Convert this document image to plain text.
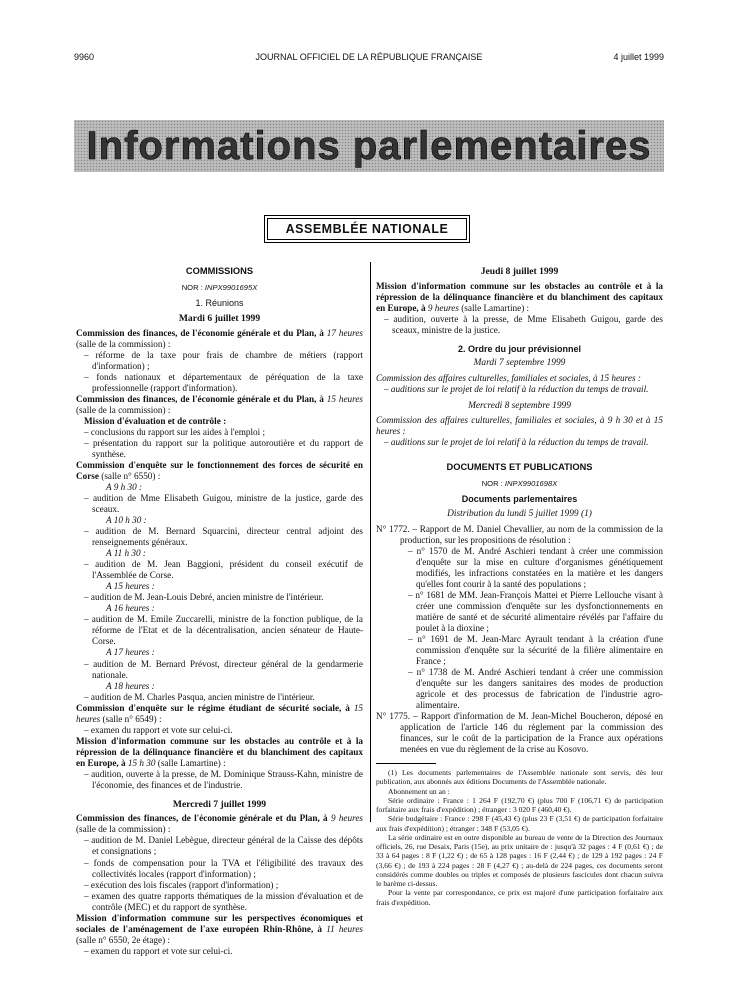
9960	JOURNAL OFFICIEL DE LA RÉPUBLIQUE FRANÇAISE	4 juillet 1999
Informations parlementaires
ASSEMBLÉE NATIONALE
COMMISSIONS
NOR : INPX9901695X
1. Réunions
Mardi 6 juillet 1999

Commission des finances, de l'économie générale et du Plan, à 17 heures (salle de la commission) :

– réforme de la taxe pour frais de chambre de métiers (rapport d'information) ;

– fonds nationaux et départementaux de péréquation de la taxe professionnelle (rapport d'information).

Commission des finances, de l'économie générale et du Plan, à 15 heures (salle de la commission) :

Mission d'évaluation et de contrôle :

– conclusions du rapport sur les aides à l'emploi ;

– présentation du rapport sur la politique autoroutière et du rapport de synthèse.

Commission d'enquête sur le fonctionnement des forces de sécurité en Corse (salle n° 6550) :

A 9 h 30 :

– audition de Mme Elisabeth Guigou, ministre de la justice, garde des sceaux.

A 10 h 30 :

– audition de M. Bernard Squarcini, directeur central adjoint des renseignements généraux.

A 11 h 30 :

– audition de M. Jean Baggioni, président du conseil exécutif de l'Assemblée de Corse.

A 15 heures :

– audition de M. Jean-Louis Debré, ancien ministre de l'intérieur.

A 16 heures :

– audition de M. Emile Zuccarelli, ministre de la fonction publique, de la réforme de l'Etat et de la décentralisation, ancien sénateur de Haute-Corse.

A 17 heures :

– audition de M. Bernard Prévost, directeur général de la gendarmerie nationale.

A 18 heures :

– audition de M. Charles Pasqua, ancien ministre de l'intérieur.

Commission d'enquête sur le régime étudiant de sécurité sociale, à 15 heures (salle n° 6549) :

– examen du rapport et vote sur celui-ci.

Mission d'information commune sur les obstacles au contrôle et à la répression de la délinquance financière et du blanchiment des capitaux en Europe, à 15 h 30 (salle Lamartine) :

– audition, ouverte à la presse, de M. Dominique Strauss-Kahn, ministre de l'économie, des finances et de l'industrie.

Mercredi 7 juillet 1999

Commission des finances, de l'économie générale et du Plan, à 9 heures (salle de la commission) :

– audition de M. Daniel Lebègue, directeur général de la Caisse des dépôts et consignations ;

– fonds de compensation pour la TVA et l'éligibilité des travaux des collectivités locales (rapport d'information) ;

– exécution des lois fiscales (rapport d'information) ;

– examen des quatre rapports thématiques de la mission d'évaluation et de contrôle (MEC) et du rapport de synthèse.

Mission d'information commune sur les perspectives économiques et sociales de l'aménagement de l'axe européen Rhin-Rhône, à 11 heures (salle n° 6550, 2e étage) :

– examen du rapport et vote sur celui-ci.

Jeudi 8 juillet 1999

Mission d'information commune sur les obstacles au contrôle et à la répression de la délinquance financière et du blanchiment des capitaux en Europe, à 9 heures (salle Lamartine) :

– audition, ouverte à la presse, de Mme Elisabeth Guigou, garde des sceaux, ministre de la justice.

2. Ordre du jour prévisionnel
Mardi 7 septembre 1999

Commission des affaires culturelles, familiales et sociales, à 15 heures :

– auditions sur le projet de loi relatif à la réduction du temps de travail.

Mercredi 8 septembre 1999

Commission des affaires culturelles, familiales et sociales, à 9 h 30 et à 15 heures :

– auditions sur le projet de loi relatif à la réduction du temps de travail.

DOCUMENTS ET PUBLICATIONS
NOR : INPX9901698X
Documents parlementaires
Distribution du lundi 5 juillet 1999 (1)

N° 1772. – Rapport de M. Daniel Chevallier, au nom de la commission de la production, sur les propositions de résolution :

– n° 1570 de M. André Aschieri tendant à créer une commission d'enquête sur la mise en culture d'organismes génétiquement modifiés, les infractions constatées en la matière et les dangers qu'elles font courir à la santé des populations ;

– n° 1681 de MM. Jean-François Mattei et Pierre Lellouche visant à créer une commission d'enquête sur les dysfonctionnements en matière de santé et de sécurité alimentaire révélés par l'affaire du poulet à la dioxine ;

– n° 1691 de M. Jean-Marc Ayrault tendant à la création d'une commission d'enquête sur la sécurité de la filière alimentaire en France ;

– n° 1738 de M. André Aschieri tendant à créer une commission d'enquête sur les dangers sanitaires des modes de production agricole et des processus de fabrication de l'industrie agro-alimentaire.

N° 1775. – Rapport d'information de M. Jean-Michel Boucheron, déposé en application de l'article 146 du règlement par la commission des finances, sur le coût de la participation de la France aux opérations menées en vue du règlement de la crise au Kosovo.

(1) Les documents parlementaires de l'Assemblée nationale sont servis, dès leur publication, aux abonnés aux éditions Documents de l'Assemblée nationale.

Abonnement un an :

Série ordinaire : France : 1 264 F (192,70 €) (plus 700 F (106,71 €) de participation forfaitaire aux frais d'expédition) ; étranger : 3 020 F (460,40 €).

Série budgétaire : France : 298 F (45,43 €) (plus 23 F (3,51 €) de participation forfaitaire aux frais d'expédition) ; étranger : 348 F (53,05 €).

La série ordinaire est en outre disponible au bureau de vente de la Direction des Journaux officiels, 26, rue Desaix, Paris (15e), au prix unitaire de : jusqu'à 32 pages : 4 F (0,61 €) ; de 33 à 64 pages : 8 F (1,22 €) ; de 65 à 128 pages : 16 F (2,44 €) ; de 129 à 192 pages : 24 F (3,66 €) ; de 193 à 224 pages : 28 F (4,27 €) ; au-delà de 224 pages, ces documents seront considérés comme doubles ou triples et composés de plusieurs fascicules dont chacun suivra le barème ci-dessus.

Pour la vente par correspondance, ce prix est majoré d'une participation forfaitaire aux frais d'expédition.
